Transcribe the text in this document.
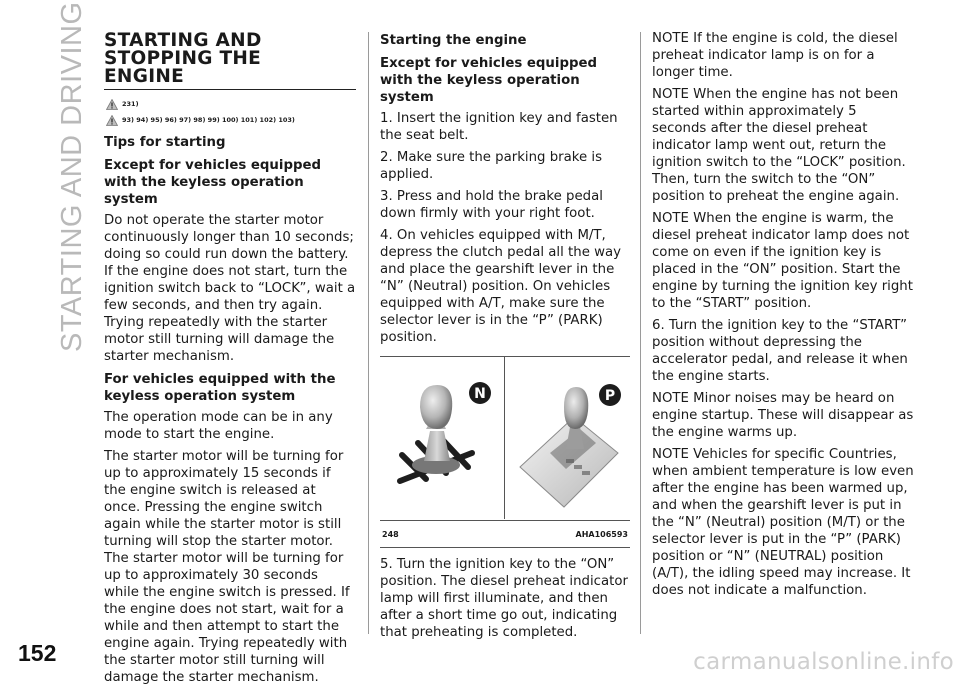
STARTING AND DRIVING STARTING AND
STOPPING THE
ENGINE
231)
93) 94) 95) 96) 97) 98) 99) 100) 101) 102) 103)
Tips for starting
Except for vehicles equipped with the keyless operation system

Do not operate the starter motor continuously longer than 10 seconds; doing so could run down the battery. If the engine does not start, turn the ignition switch back to “LOCK”, wait a few seconds, and then try again. Trying repeatedly with the starter motor still turning will damage the starter mechanism.

For vehicles equipped with the keyless operation system

The operation mode can be in any mode to start the engine.

The starter motor will be turning for up to approximately 15 seconds if the engine switch is released at once. Pressing the engine switch again while the starter motor is still turning will stop the starter motor. The starter motor will be turning for up to approximately 30 seconds while the engine switch is pressed. If the engine does not start, wait for a while and then attempt to start the engine again. Trying repeatedly with the starter motor still turning will damage the starter mechanism.

Starting the engine
Except for vehicles equipped with the keyless operation system

1. Insert the ignition key and fasten the seat belt.

2. Make sure the parking brake is applied.

3. Press and hold the brake pedal down firmly with your right foot.

4. On vehicles equipped with M/T, depress the clutch pedal all the way and place the gearshift lever in the “N” (Neutral) position. On vehicles equipped with A/T, make sure the selector lever is in the “P” (PARK) position.

N	P
248	AHA106593

5. Turn the ignition key to the “ON” position. The diesel preheat indicator lamp will first illuminate, and then after a short time go out, indicating that preheating is completed.

NOTE If the engine is cold, the diesel preheat indicator lamp is on for a longer time.

NOTE When the engine has not been started within approximately 5 seconds after the diesel preheat indicator lamp went out, return the ignition switch to the “LOCK” position. Then, turn the switch to the “ON” position to preheat the engine again.

NOTE When the engine is warm, the diesel preheat indicator lamp does not come on even if the ignition key is placed in the “ON” position. Start the engine by turning the ignition key right to the “START” position.

6. Turn the ignition key to the “START” position without depressing the accelerator pedal, and release it when the engine starts.

NOTE Minor noises may be heard on engine startup. These will disappear as the engine warms up.

NOTE Vehicles for specific Countries, when ambient temperature is low even after the engine has been warmed up, and when the gearshift lever is put in the “N” (Neutral) position (M/T) or the selector lever is put in the “P” (PARK) position or “N” (NEUTRAL) position (A/T), the idling speed may increase. It does not indicate a malfunction.

152	carmanualsonline.info
